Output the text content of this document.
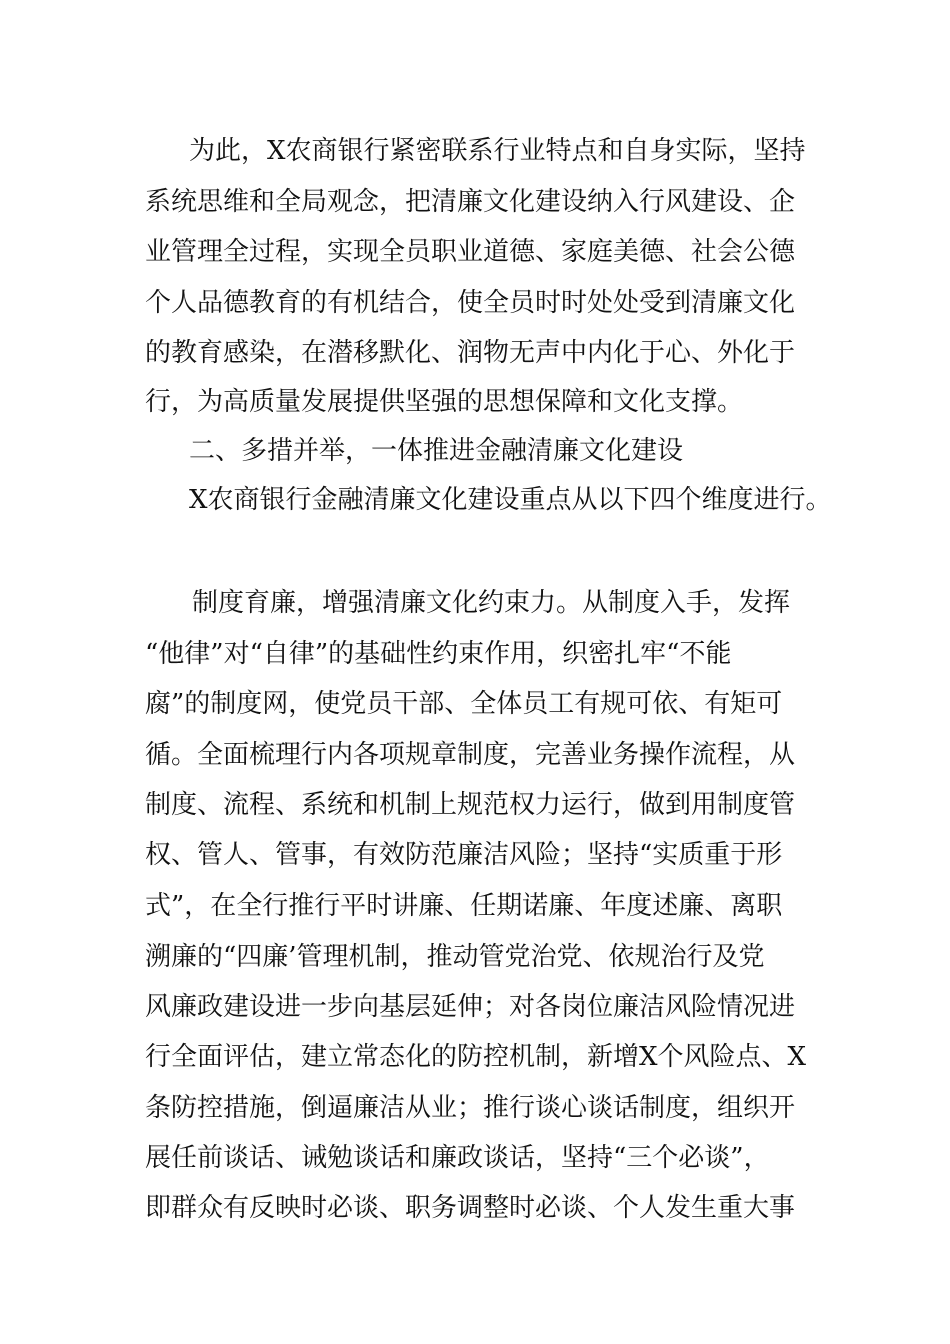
为此，X农商银行紧密联系行业特点和自身实际，坚持
系统思维和全局观念，把清廉文化建设纳入行风建设、企
业管理全过程，实现全员职业道德、家庭美德、社会公德
个人品德教育的有机结合，使全员时时处处受到清廉文化
的教育感染，在潜移默化、润物无声中内化于心、外化于
行，为高质量发展提供坚强的思想保障和文化支撑。
二、多措并举，一体推进金融清廉文化建设
X农商银行金融清廉文化建设重点从以下四个维度进行。
制度育廉，增强清廉文化约束力。从制度入手，发挥
“他律”对“自律”的基础性约束作用，织密扎牢“不能
腐”的制度网，使党员干部、全体员工有规可依、有矩可
循。全面梳理行内各项规章制度，完善业务操作流程，从
制度、流程、系统和机制上规范权力运行，做到用制度管
权、管人、管事，有效防范廉洁风险；坚持“实质重于形
式”，在全行推行平时讲廉、任期诺廉、年度述廉、离职
溯廉的“四廉’管理机制，推动管党治党、依规治行及党
风廉政建设进一步向基层延伸；对各岗位廉洁风险情况进
行全面评估，建立常态化的防控机制，新增X个风险点、X
条防控措施，倒逼廉洁从业；推行谈心谈话制度，组织开
展任前谈话、诫勉谈话和廉政谈话，坚持“三个必谈”，
即群众有反映时必谈、职务调整时必谈、个人发生重大事
